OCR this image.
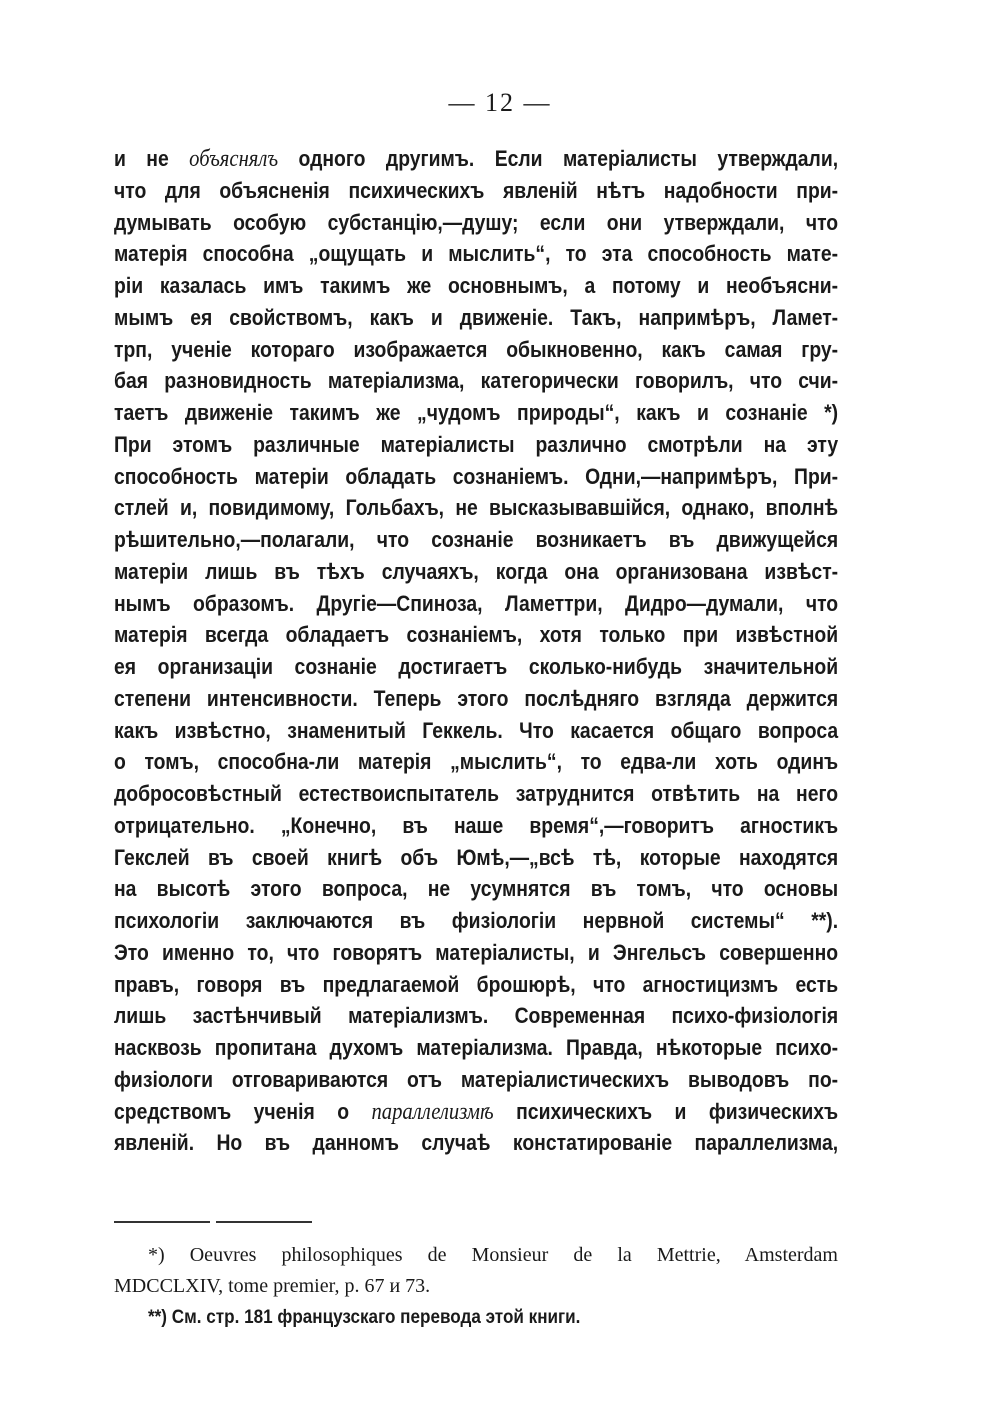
— 12 —
и не объяснялъ одного другимъ. Если матеріалисты утверждали,
что для объясненія психическихъ явленій нѣтъ надобности при-
думывать особую субстанцію,—душу; если они утверждали, что
матерія способна „ощущать и мыслить“, то эта способность мате-
ріи казалась имъ такимъ же основнымъ, а потому и необъясни-
мымъ ея свойствомъ, какъ и движеніе. Такъ, напримѣръ, Ламет-
трп, ученіе котораго изображается обыкновенно, какъ самая гру-
бая разновидность матеріализма, категорически говорилъ, что счи-
таетъ движеніе такимъ же „чудомъ природы“, какъ и сознаніе *)
При этомъ различные матеріалисты различно смотрѣли на эту
способность матеріи обладать сознаніемъ. Одни,—напримѣръ, При-
стлей и, повидимому, Гольбахъ, не высказывавшійся, однако, вполнѣ
рѣшительно,—полагали, что сознаніе возникаетъ въ движущейся
матеріи лишь въ тѣхъ случаяхъ, когда она организована извѣст-
нымъ образомъ. Другіе—Спиноза, Ламеттри, Дидро—думали, что
матерія всегда обладаетъ сознаніемъ, хотя только при извѣстной
ея организаціи сознаніе достигаетъ сколько-нибудь значительной
степени интенсивности. Теперь этого послѣдняго взгляда держится
какъ извѣстно, знаменитый Геккель. Что касается общаго вопроса
о томъ, способна-ли матерія „мыслить“, то едва-ли хоть одинъ
добросовѣстный естествоиспытатель затруднится отвѣтить на него
отрицательно. „Конечно, въ наше время“,—говоритъ агностикъ
Гекслей въ своей книгѣ объ Юмѣ,—„всѣ тѣ, которые находятся
на высотѣ этого вопроса, не усумнятся въ томъ, что основы
психологіи заключаются въ физіологіи нервной системы“ **).
Это именно то, что говорятъ матеріалисты, и Энгельсъ совершенно
правъ, говоря въ предлагаемой брошюрѣ, что агностицизмъ есть
лишь застѣнчивый матеріализмъ. Современная психо-физіологія
насквозь пропитана духомъ матеріализма. Правда, нѣкоторые психо-
физіологи отговариваются отъ матеріалистическихъ выводовъ по-
средствомъ ученія о параллелизмѣ психическихъ и физическихъ
явленій. Но въ данномъ случаѣ констатированіе параллелизма,
*) Oeuvres philosophiques de Monsieur de la Mettrie, Amsterdam
MDCCLXIV, tome premier, p. 67 и 73.
**) См. стр. 181 французскаго перевода этой книги.
